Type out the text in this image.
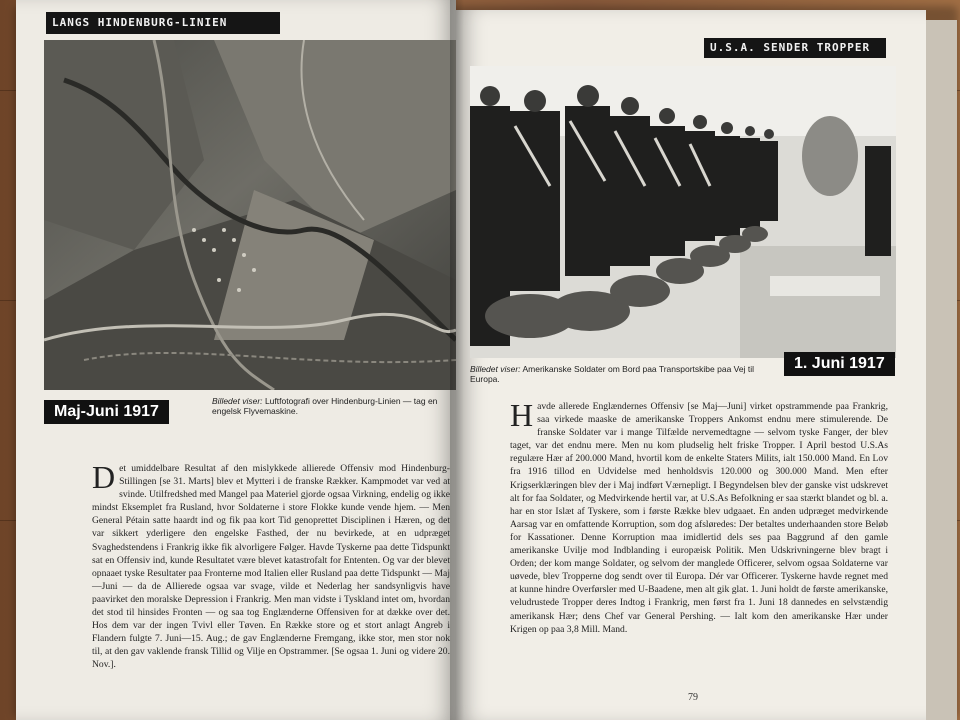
LANGS HINDENBURG-LINIEN
Billedet viser: Luftfotografi over Hindenburg-Linien — tag en engelsk Flyvemaskine.
Maj-Juni 1917
D et umiddelbare Resultat af den mislykkede allierede Offensiv mod Hindenburg-Stillingen [se 31. Marts] blev et Mytteri i de franske Rækker. Kampmodet var ved at svinde. Utilfredshed med Mangel paa Materiel gjorde ogsaa Virkning, endelig og ikke mindst Eksemplet fra Rusland, hvor Soldaterne i store Flokke kunde vende hjem. — Men General Pétain satte haardt ind og fik paa kort Tid genoprettet Disciplinen i Hæren, og det var sikkert yderligere den engelske Fasthed, der nu bevirkede, at en udpræget Svaghedstendens i Frankrig ikke fik alvorligere Følger. Havde Tyskerne paa dette Tidspunkt sat en Offensiv ind, kunde Resultatet være blevet katastrofalt for Ententen. Og var der blevet opnaaet tyske Resultater paa Fronterne mod Italien eller Rusland paa dette Tidspunkt — Maj—Juni — da de Allierede ogsaa var svage, vilde et Nederlag her sandsynligvis have paavirket den moralske Depression i Frankrig. Men man vidste i Tyskland intet om, hvordan det stod til hinsides Fronten — og saa tog Englænderne Offensiven for at dække over det. Hos dem var der ingen Tvivl eller Tøven. En Række store og et stort anlagt Angreb i Flandern fulgte 7. Juni—15. Aug.; de gav Englænderne Fremgang, ikke stor, men stor nok til, at den gav vaklende fransk Tillid og Vilje en Opstrammer. [Se ogsaa 1. Juni og videre 20. Nov.].
U.S.A. SENDER TROPPER
Billedet viser: Amerikanske Soldater om Bord paa Transportskibe paa Vej til Europa.
1. Juni 1917
H avde allerede Englændernes Offensiv [se Maj—Juni] virket opstrammende paa Frankrig, saa virkede maaske de amerikanske Troppers Ankomst endnu mere stimulerende. De franske Soldater var i mange Tilfælde nervemedtagne — selvom tyske Fanger, der blev taget, var det endnu mere. Men nu kom pludselig helt friske Tropper. I April bestod U.S.As regulære Hær af 200.000 Mand, hvortil kom de enkelte Staters Milits, ialt 150.000 Mand. En Lov fra 1916 tillod en Udvidelse med henholdsvis 120.000 og 300.000 Mand. Men efter Krigserklæringen blev der i Maj indført Værnepligt. I Begyndelsen blev der ganske vist udskrevet alt for faa Soldater, og Medvirkende hertil var, at U.S.As Befolkning er saa stærkt blandet og bl. a. har en stor Islæt af Tyskere, som i første Række blev udgaaet. En anden udpræget medvirkende Aarsag var en omfattende Korruption, som dog afsløredes: Der betaltes underhaanden store Beløb for Kassationer. Denne Korruption maa imidlertid dels ses paa Baggrund af den gamle amerikanske Uvilje mod Indblanding i europæisk Politik. Men Udskrivningerne blev bragt i Orden; der kom mange Soldater, og selvom der manglede Officerer, selvom ogsaa Soldaterne var uøvede, blev Tropperne dog sendt over til Europa. Dér var Officerer. Tyskerne havde regnet med at kunne hindre Overførsler med U-Baadene, men alt gik glat. 1. Juni holdt de første amerikanske, veludrustede Tropper deres Indtog i Frankrig, men først fra 1. Juni 18 dannedes en selvstændig amerikansk Hær; dens Chef var General Pershing. — Ialt kom den amerikanske Hær under Krigen op paa 3,8 Mill. Mand.
79
